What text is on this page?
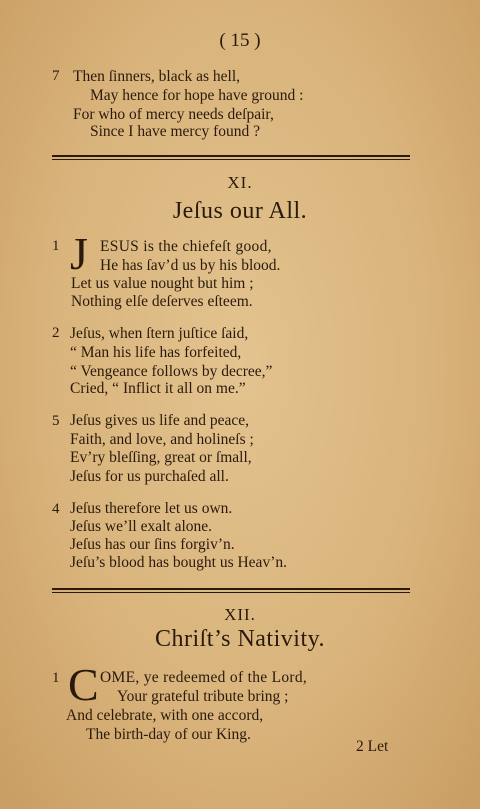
( 15 )
7 Then ſinners, black as hell,
May hence for hope have ground :
For who of mercy needs deſpair,
Since I have mercy found ?
XI.
Jeſus our All.
1 J ESUS is the chiefeſt good,
He has ſav’d us by his blood.
Let us value nought but him ;
Nothing elſe deſerves eſteem.
2 Jeſus, when ſtern juſtice ſaid,
“ Man his life has forfeited,
“ Vengeance follows by decree,”
Cried, “ Inflict it all on me.”
5 Jeſus gives us life and peace,
Faith, and love, and holineſs ;
Ev’ry bleſſing, great or ſmall,
Jeſus for us purchaſed all.
4 Jeſus therefore let us own.
Jeſus we’ll exalt alone.
Jeſus has our ſins forgiv’n.
Jeſu’s blood has bought us Heav’n.
XII.
Chriſt’s Nativity.
1 C OME, ye redeemed of the Lord,
Your grateful tribute bring ;
And celebrate, with one accord,
The birth-day of our King.
2 Let
